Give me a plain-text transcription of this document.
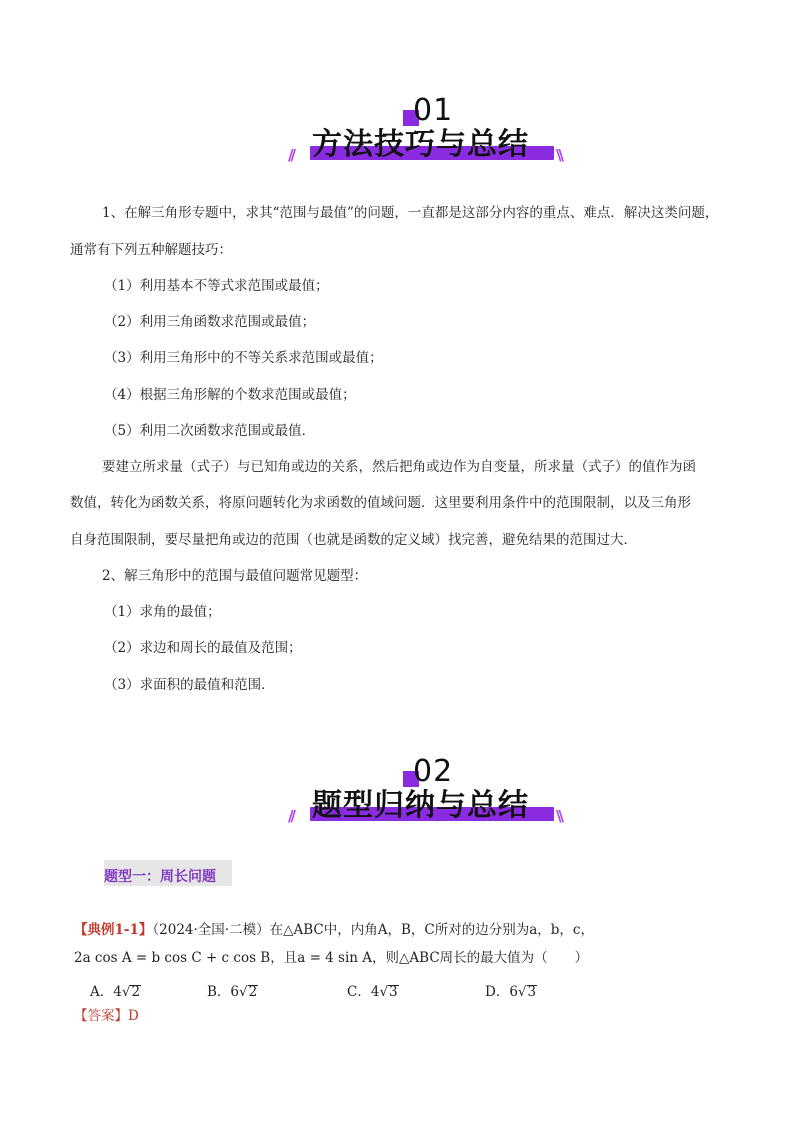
01
方法技巧与总结
//	\\
1、在解三角形专题中，求其“范围与最值”的问题，一直都是这部分内容的重点、难点．解决这类问题，
通常有下列五种解题技巧：
（1）利用基本不等式求范围或最值；
（2）利用三角函数求范围或最值；
（3）利用三角形中的不等关系求范围或最值；
（4）根据三角形解的个数求范围或最值；
（5）利用二次函数求范围或最值．
要建立所求量（式子）与已知角或边的关系，然后把角或边作为自变量，所求量（式子）的值作为函
数值，转化为函数关系，将原问题转化为求函数的值域问题．这里要利用条件中的范围限制，以及三角形
自身范围限制，要尽量把角或边的范围（也就是函数的定义域）找完善，避免结果的范围过大．
2、解三角形中的范围与最值问题常见题型：
（1）求角的最值；
（2）求边和周长的最值及范围；
（3）求面积的最值和范围．
02
题型归纳与总结
//	\\
题型一：周长问题
【典例1-1】（2024·全国·二模）在△ABC中，内角A，B，C所对的边分别为a，b，c，
2a cos A = b cos C + c cos B，且a = 4 sin A，则△ABC周长的最大值为（　　）
A．4√2	B．6√2	C．4√3	D．6√3
【答案】D
